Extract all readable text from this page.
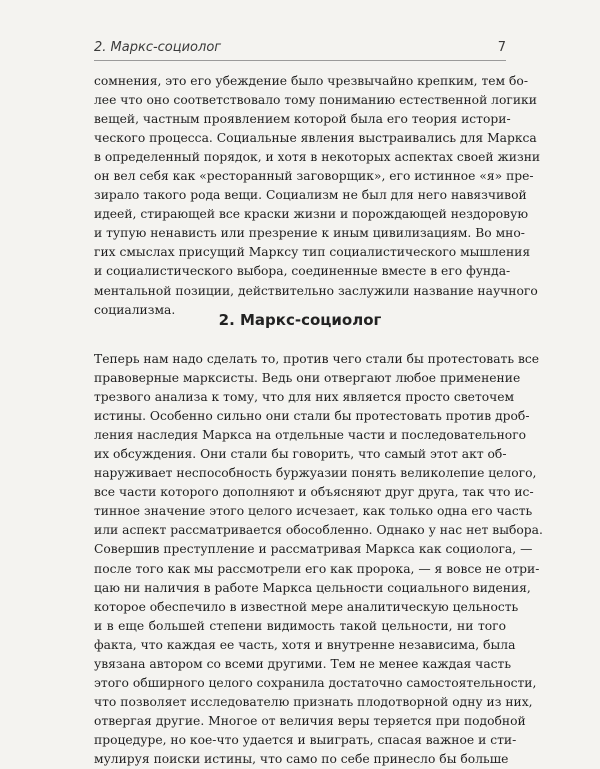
2. Маркс-социолог	7
сомнения, это его убеждение было чрезвычайно крепким, тем бо-
лее что оно соответствовало тому пониманию естественной логики
вещей, частным проявлением которой была его теория истори-
ческого процесса. Социальные явления выстраивались для Маркса
в определенный порядок, и хотя в некоторых аспектах своей жизни
он вел себя как «ресторанный заговорщик», его истинное «я» пре-
зирало такого рода вещи. Социализм не был для него навязчивой
идеей, стирающей все краски жизни и порождающей нездоровую
и тупую ненависть или презрение к иным цивилизациям. Во мно-
гих смыслах присущий Марксу тип социалистического мышления
и социалистического выбора, соединенные вместе в его фунда-
ментальной позиции, действительно заслужили название научного
социализма.
2. Маркс-социолог
Теперь нам надо сделать то, против чего стали бы протестовать все
правоверные марксисты. Ведь они отвергают любое применение
трезвого анализа к тому, что для них является просто светочем
истины. Особенно сильно они стали бы протестовать против дроб-
ления наследия Маркса на отдельные части и последовательного
их обсуждения. Они стали бы говорить, что самый этот акт об-
наруживает неспособность буржуазии понять великолепие целого,
все части которого дополняют и объясняют друг друга, так что ис-
тинное значение этого целого исчезает, как только одна его часть
или аспект рассматривается обособленно. Однако у нас нет выбора.
Совершив преступление и рассматривая Маркса как социолога, —
после того как мы рассмотрели его как пророка, — я вовсе не отри-
цаю ни наличия в работе Маркса цельности социального видения,
которое обеспечило в известной мере аналитическую цельность
и в еще большей степени видимость такой цельности, ни того
факта, что каждая ее часть, хотя и внутренне независима, была
увязана автором со всеми другими. Тем не менее каждая часть
этого обширного целого сохранила достаточно самостоятельности,
что позволяет исследователю признать плодотворной одну из них,
отвергая другие. Многое от величия веры теряется при подобной
процедуре, но кое-что удается и выиграть, спасая важное и сти-
мулируя поиски истины, что само по себе принесло бы больше
